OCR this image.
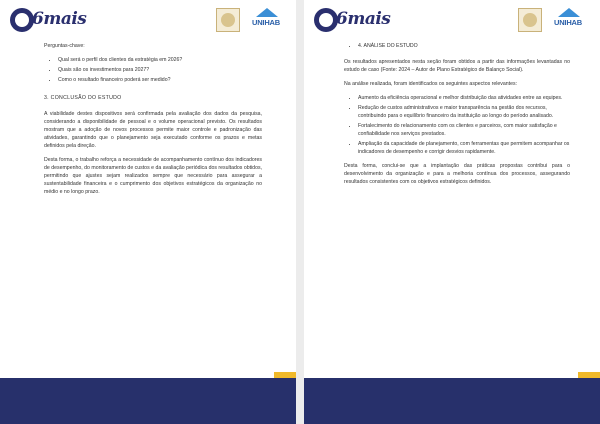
6mais	UNIHAB

Perguntas-chave:

• Qual será o perfil dos clientes da estratégia em 2026?
• Quais são os investimentos para 2027?
• Como o resultado financeiro poderá ser medido?
3. CONCLUSÃO DO ESTUDO

A viabilidade destes dispositivos será confirmada pela avaliação dos dados da pesquisa, considerando a disponibilidade de pessoal e o volume operacional previsto. Os resultados mostram que a adoção de novos processos permite maior controle e padronização das atividades, garantindo que o planejamento seja executado conforme os prazos e metas definidos pela direção.

Desta forma, o trabalho reforça a necessidade de acompanhamento contínuo dos indicadores de desempenho, do monitoramento de custos e da avaliação periódica dos resultados obtidos, permitindo que ajustes sejam realizados sempre que necessário para assegurar a sustentabilidade financeira e o cumprimento dos objetivos estratégicos da organização no médio e no longo prazo.

6mais	UNIHAB
• 4. ANÁLISE DO ESTUDO

Os resultados apresentados nesta seção foram obtidos a partir das informações levantadas no estudo de caso (Fonte: 2024 – Autor de Plano Estratégico de Balanço Social).

Na análise realizada, foram identificados os seguintes aspectos relevantes:

• Aumento da eficiência operacional e melhor distribuição das atividades entre as equipes.
• Redução de custos administrativos e maior transparência na gestão dos recursos, contribuindo para o equilíbrio financeiro da instituição ao longo do período analisado.
• Fortalecimento do relacionamento com os clientes e parceiros, com maior satisfação e confiabilidade nos serviços prestados.
• Ampliação da capacidade de planejamento, com ferramentas que permitem acompanhar os indicadores de desempenho e corrigir desvios rapidamente.

Desta forma, conclui-se que a implantação das práticas propostas contribui para o desenvolvimento da organização e para a melhoria contínua dos processos, assegurando resultados consistentes com os objetivos estratégicos definidos.
